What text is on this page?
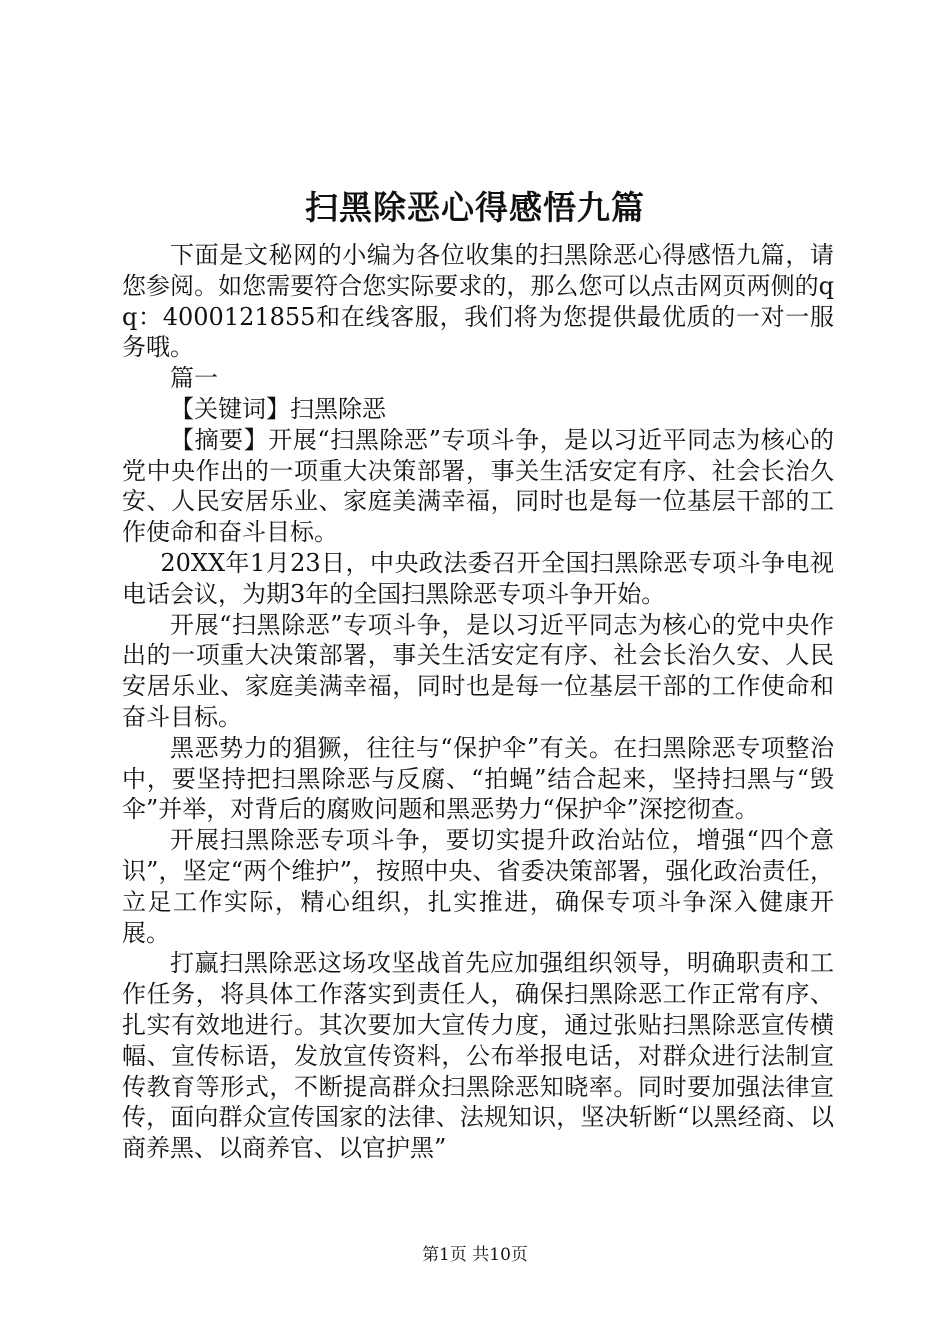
扫黑除恶心得感悟九篇

下面是文秘网的小编为各位收集的扫黑除恶心得感悟九篇，请您参阅。如您需要符合您实际要求的，那么您可以点击网页两侧的qq：4000121855和在线客服，我们将为您提供最优质的一对一服务哦。

篇一

【关键词】扫黑除恶

【摘要】开展“扫黑除恶”专项斗争，是以习近平同志为核心的党中央作出的一项重大决策部署，事关生活安定有序、社会长治久安、人民安居乐业、家庭美满幸福，同时也是每一位基层干部的工作使命和奋斗目标。

20XX年1月23日，中央政法委召开全国扫黑除恶专项斗争电视电话会议，为期3年的全国扫黑除恶专项斗争开始。

开展“扫黑除恶”专项斗争，是以习近平同志为核心的党中央作出的一项重大决策部署，事关生活安定有序、社会长治久安、人民安居乐业、家庭美满幸福，同时也是每一位基层干部的工作使命和奋斗目标。

黑恶势力的猖獗，往往与“保护伞”有关。在扫黑除恶专项整治中，要坚持把扫黑除恶与反腐、“拍蝇”结合起来，坚持扫黑与“毁伞”并举，对背后的腐败问题和黑恶势力“保护伞”深挖彻查。

开展扫黑除恶专项斗争，要切实提升政治站位，增强“四个意识”，坚定“两个维护”，按照中央、省委决策部署，强化政治责任，立足工作实际，精心组织，扎实推进，确保专项斗争深入健康开展。

打赢扫黑除恶这场攻坚战首先应加强组织领导，明确职责和工作任务，将具体工作落实到责任人，确保扫黑除恶工作正常有序、扎实有效地进行。其次要加大宣传力度，通过张贴扫黑除恶宣传横幅、宣传标语，发放宣传资料，公布举报电话，对群众进行法制宣传教育等形式，不断提高群众扫黑除恶知晓率。同时要加强法律宣传，面向群众宣传国家的法律、法规知识，坚决斩断“以黑经商、以商养黑、以商养官、以官护黑”

第1页 共10页
